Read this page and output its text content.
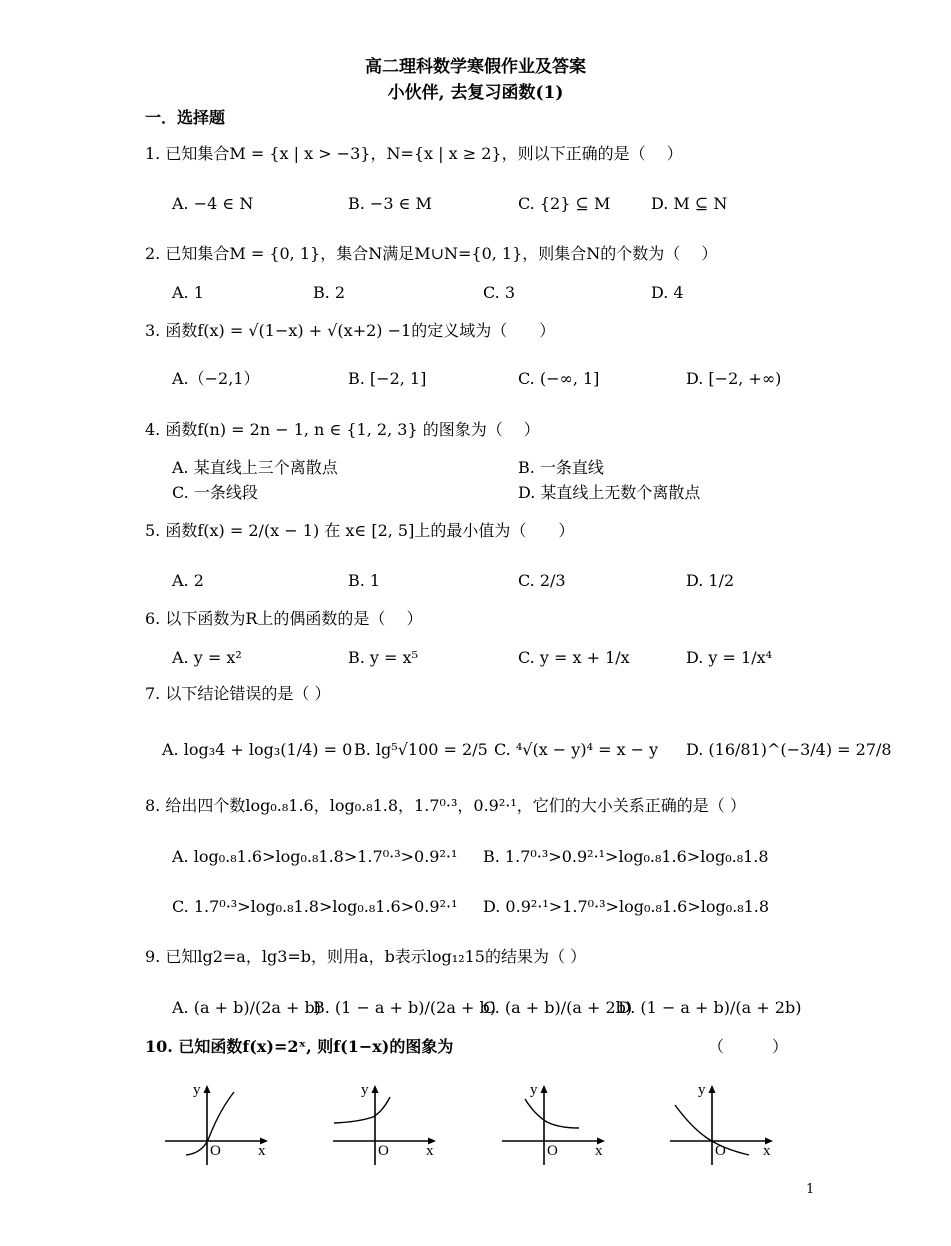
高二理科数学寒假作业及答案
小伙伴, 去复习函数(1)
一．选择题
1. 已知集合M = {x | x > −3}，N={x | x ≥ 2}，则以下正确的是（　 ）
A. −4 ∈ N	B. −3 ∈ M	C. {2} ⊆ M	D. M ⊆ N
2. 已知集合M = {0, 1}，集合N满足M∪N={0, 1}，则集合N的个数为（　 ）
A. 1	B. 2	C. 3	D. 4
3. 函数f(x) = √(1−x) + √(x+2) −1的定义域为（　　）
A.（−2,1）	B. [−2, 1]	C. (−∞, 1]	D. [−2, +∞)
4. 函数f(n) = 2n − 1, n ∈ {1, 2, 3} 的图象为（　 ）
A. 某直线上三个离散点	B. 一条直线
C. 一条线段	D. 某直线上无数个离散点
5. 函数f(x) = 2/(x − 1) 在 x∈ [2, 5]上的最小值为（　　）
A. 2	B. 1	C. 2/3	D. 1/2
6. 以下函数为R上的偶函数的是（　 ）
A. y = x²	B. y = x⁵	C. y = x + 1/x	D. y = 1/x⁴
7. 以下结论错误的是（ ）
A. log₃4 + log₃(1/4) = 0 B. lg⁵√100 = 2/5 C. ⁴√(x − y)⁴ = x − y D. (16/81)^(−3/4) = 27/8
8. 给出四个数log₀.₈1.6，log₀.₈1.8，1.7⁰·³，0.9²·¹，它们的大小关系正确的是（ ）
A. log₀.₈1.6>log₀.₈1.8>1.7⁰·³>0.9²·¹ B. 1.7⁰·³>0.9²·¹>log₀.₈1.6>log₀.₈1.8
C. 1.7⁰·³>log₀.₈1.8>log₀.₈1.6>0.9²·¹ D. 0.9²·¹>1.7⁰·³>log₀.₈1.6>log₀.₈1.8
9. 已知lg2=a，lg3=b，则用a，b表示log₁₂15的结果为（ ）
A. (a + b)/(2a + b)
B. (1 − a + b)/(2a + b)
C. (a + b)/(a + 2b)
D. (1 − a + b)/(a + 2b)
10. 已知函数f(x)=2ˣ, 则f(1−x)的图象为	（　　　）
y
O x
y
O x
y
O x
y
O x
1
